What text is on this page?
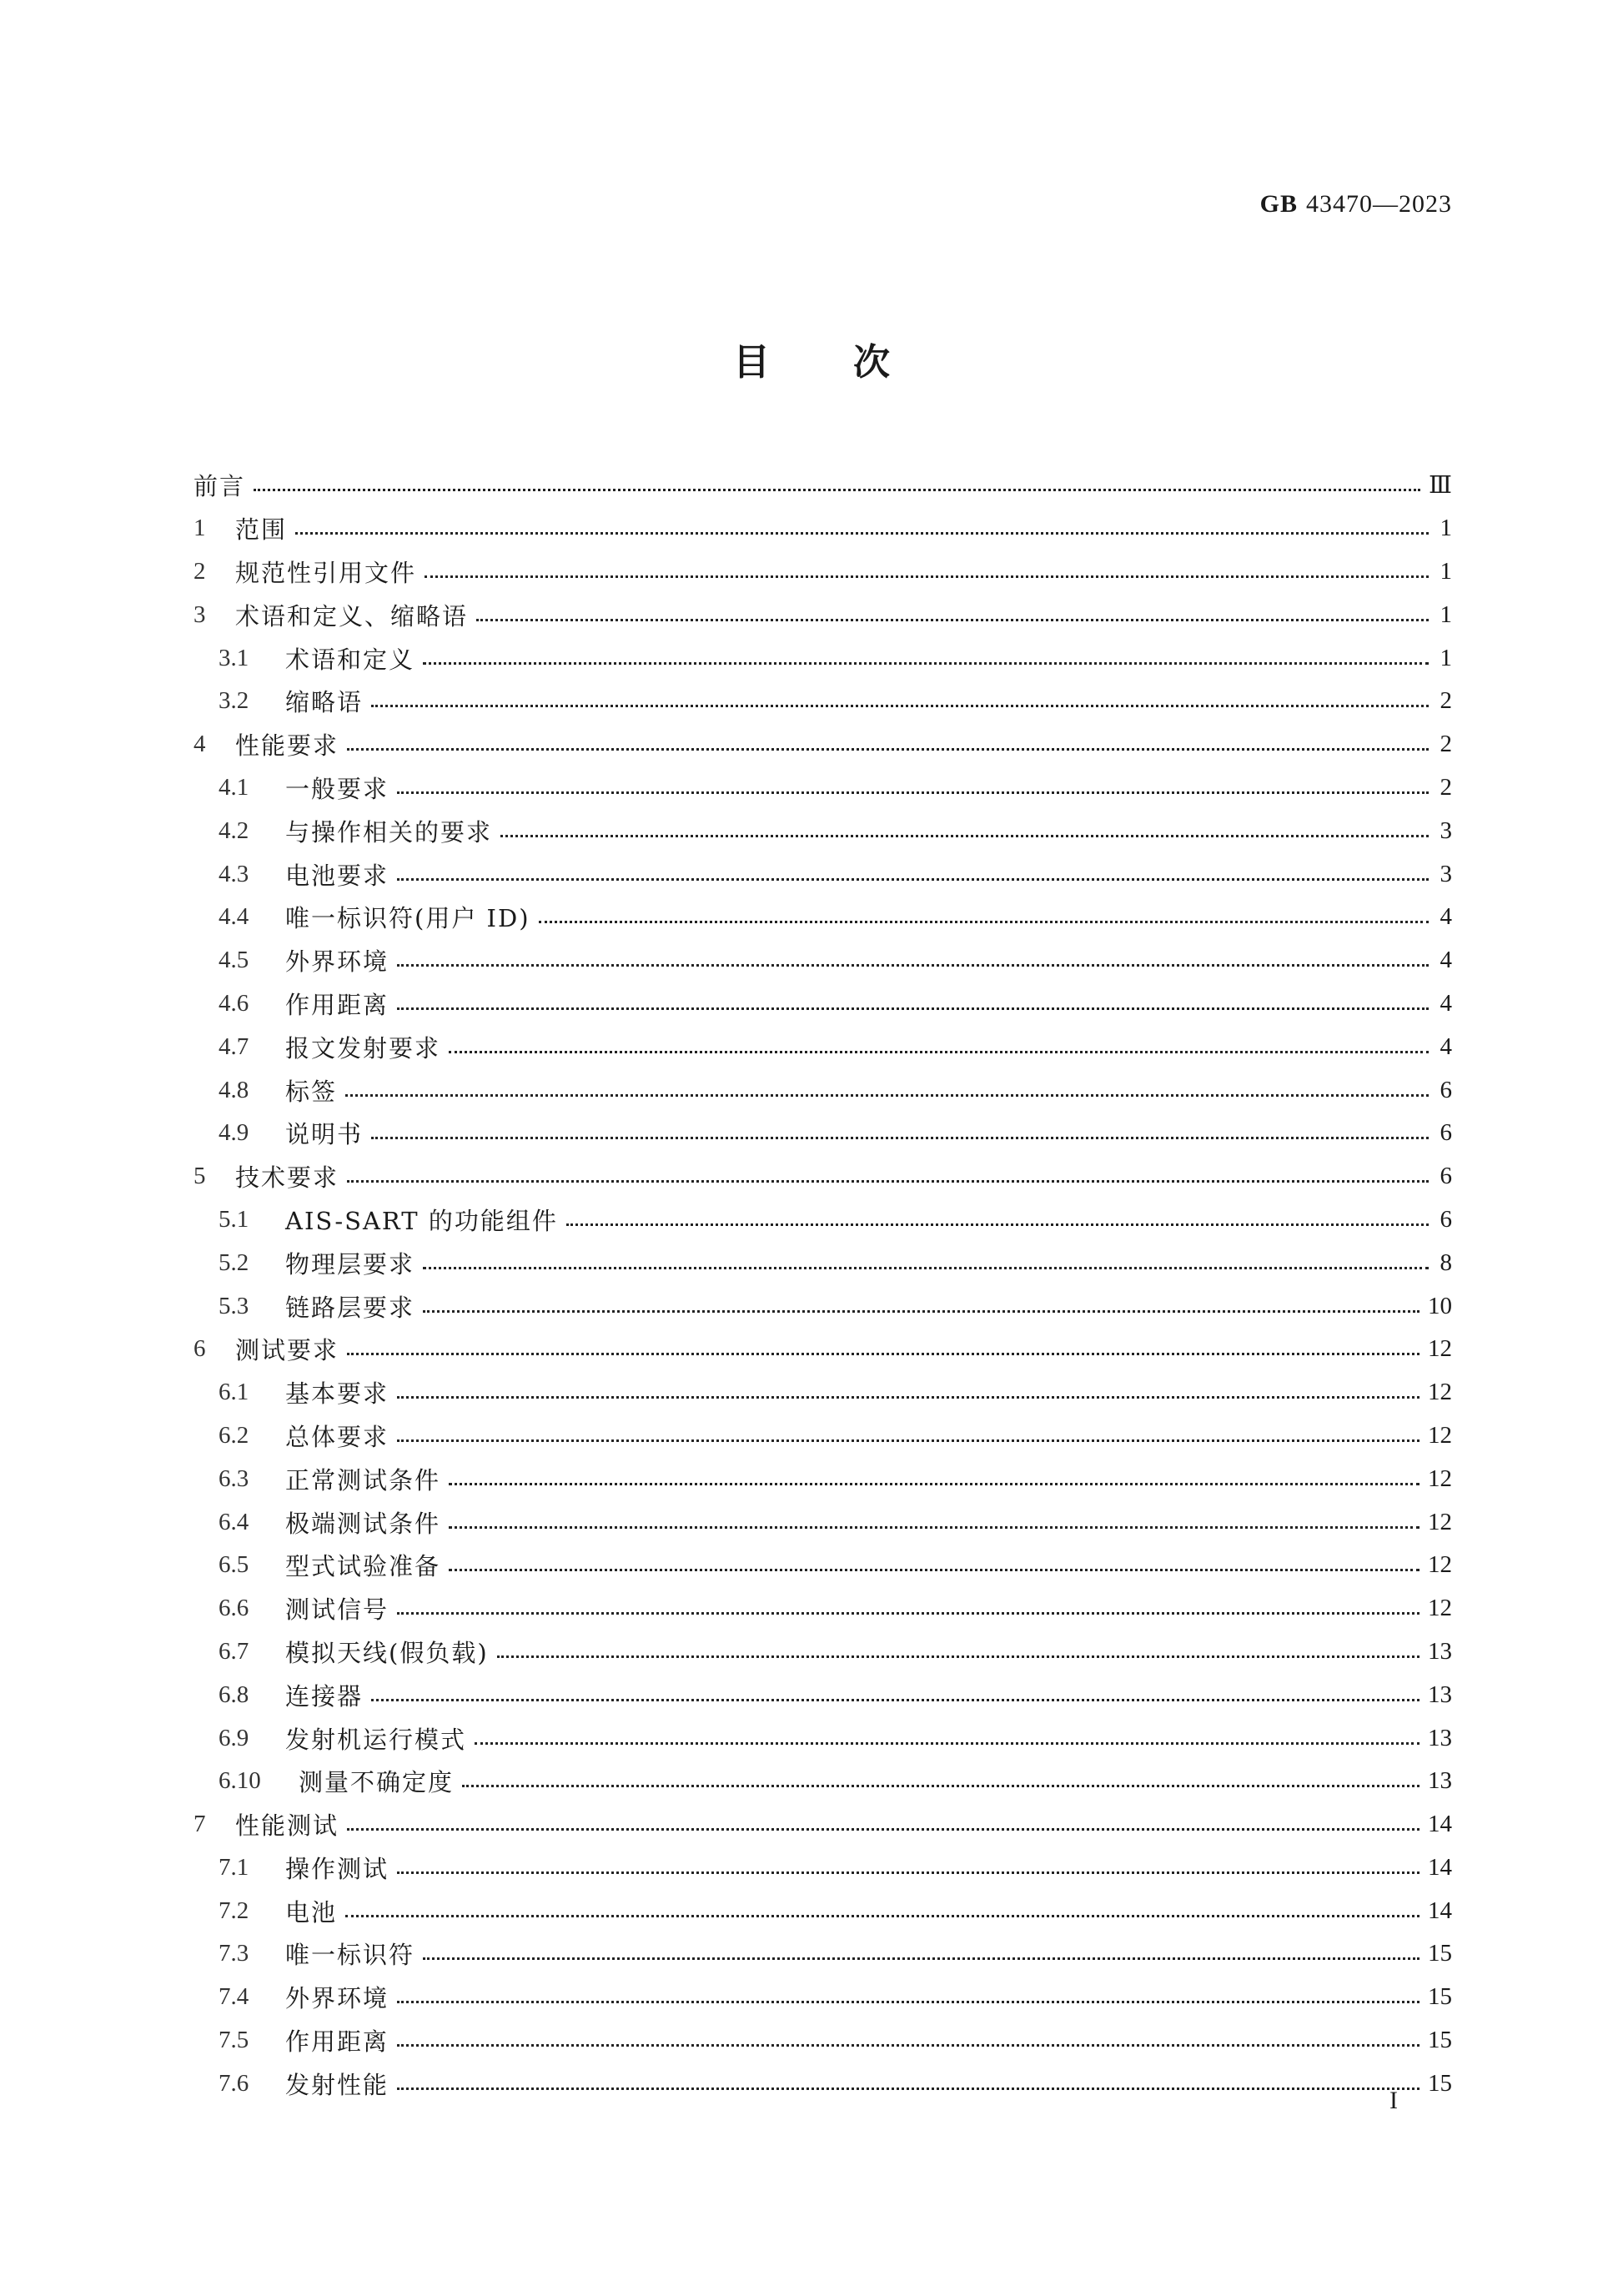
GB 43470—2023
目次
前言	Ⅲ
1	范围	1
2	规范性引用文件	1
3	术语和定义、缩略语	1
3.1	术语和定义	1
3.2	缩略语	2
4	性能要求	2
4.1	一般要求	2
4.2	与操作相关的要求	3
4.3	电池要求	3
4.4	唯一标识符(用户 ID)	4
4.5	外界环境	4
4.6	作用距离	4
4.7	报文发射要求	4
4.8	标签	6
4.9	说明书	6
5	技术要求	6
5.1	AIS-SART 的功能组件	6
5.2	物理层要求	8
5.3	链路层要求	10
6	测试要求	12
6.1	基本要求	12
6.2	总体要求	12
6.3	正常测试条件	12
6.4	极端测试条件	12
6.5	型式试验准备	12
6.6	测试信号	12
6.7	模拟天线(假负载)	13
6.8	连接器	13
6.9	发射机运行模式	13
6.10	测量不确定度	13
7	性能测试	14
7.1	操作测试	14
7.2	电池	14
7.3	唯一标识符	15
7.4	外界环境	15
7.5	作用距离	15
7.6	发射性能	15
I
